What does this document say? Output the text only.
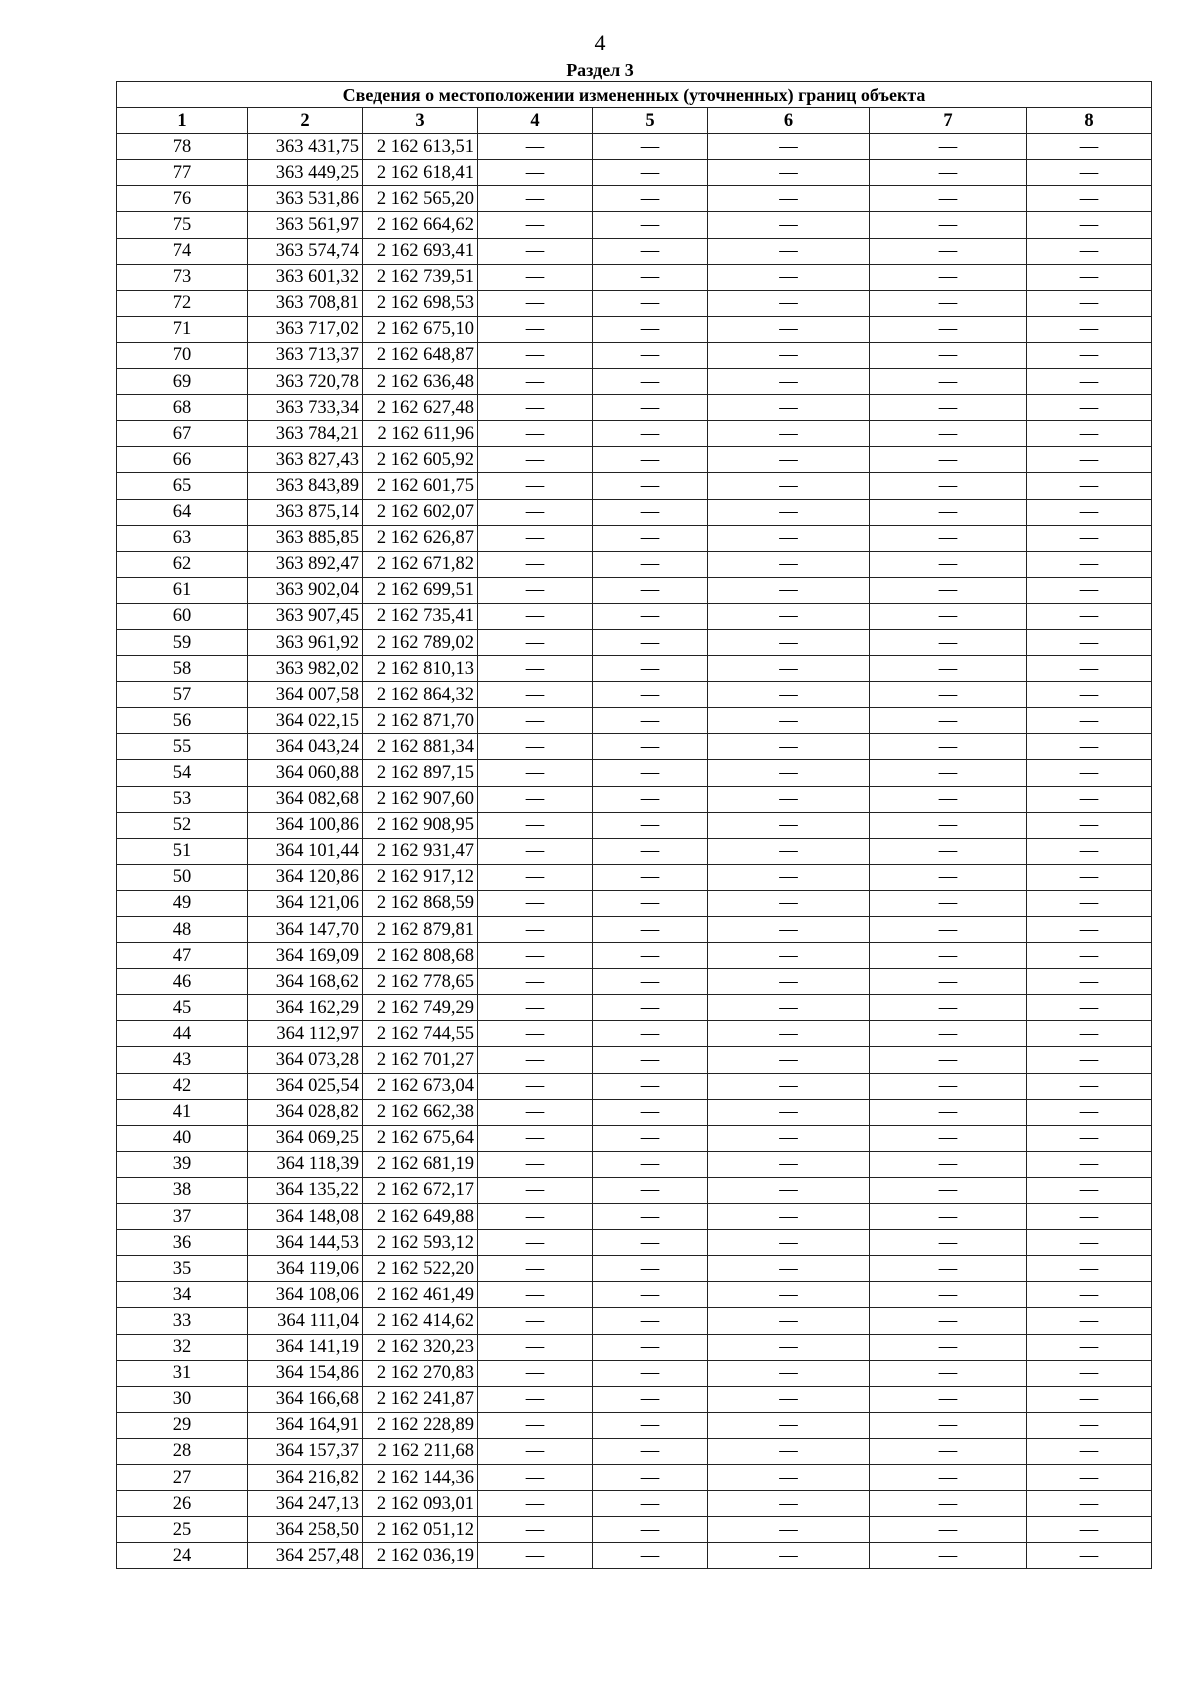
4
Раздел 3
Сведения о местоположении измененных (уточненных) границ объекта							
1	2	3	4	5	6	7	8
78	363 431,75	2 162 613,51	—	—	—	—	—
77	363 449,25	2 162 618,41	—	—	—	—	—
76	363 531,86	2 162 565,20	—	—	—	—	—
75	363 561,97	2 162 664,62	—	—	—	—	—
74	363 574,74	2 162 693,41	—	—	—	—	—
73	363 601,32	2 162 739,51	—	—	—	—	—
72	363 708,81	2 162 698,53	—	—	—	—	—
71	363 717,02	2 162 675,10	—	—	—	—	—
70	363 713,37	2 162 648,87	—	—	—	—	—
69	363 720,78	2 162 636,48	—	—	—	—	—
68	363 733,34	2 162 627,48	—	—	—	—	—
67	363 784,21	2 162 611,96	—	—	—	—	—
66	363 827,43	2 162 605,92	—	—	—	—	—
65	363 843,89	2 162 601,75	—	—	—	—	—
64	363 875,14	2 162 602,07	—	—	—	—	—
63	363 885,85	2 162 626,87	—	—	—	—	—
62	363 892,47	2 162 671,82	—	—	—	—	—
61	363 902,04	2 162 699,51	—	—	—	—	—
60	363 907,45	2 162 735,41	—	—	—	—	—
59	363 961,92	2 162 789,02	—	—	—	—	—
58	363 982,02	2 162 810,13	—	—	—	—	—
57	364 007,58	2 162 864,32	—	—	—	—	—
56	364 022,15	2 162 871,70	—	—	—	—	—
55	364 043,24	2 162 881,34	—	—	—	—	—
54	364 060,88	2 162 897,15	—	—	—	—	—
53	364 082,68	2 162 907,60	—	—	—	—	—
52	364 100,86	2 162 908,95	—	—	—	—	—
51	364 101,44	2 162 931,47	—	—	—	—	—
50	364 120,86	2 162 917,12	—	—	—	—	—
49	364 121,06	2 162 868,59	—	—	—	—	—
48	364 147,70	2 162 879,81	—	—	—	—	—
47	364 169,09	2 162 808,68	—	—	—	—	—
46	364 168,62	2 162 778,65	—	—	—	—	—
45	364 162,29	2 162 749,29	—	—	—	—	—
44	364 112,97	2 162 744,55	—	—	—	—	—
43	364 073,28	2 162 701,27	—	—	—	—	—
42	364 025,54	2 162 673,04	—	—	—	—	—
41	364 028,82	2 162 662,38	—	—	—	—	—
40	364 069,25	2 162 675,64	—	—	—	—	—
39	364 118,39	2 162 681,19	—	—	—	—	—
38	364 135,22	2 162 672,17	—	—	—	—	—
37	364 148,08	2 162 649,88	—	—	—	—	—
36	364 144,53	2 162 593,12	—	—	—	—	—
35	364 119,06	2 162 522,20	—	—	—	—	—
34	364 108,06	2 162 461,49	—	—	—	—	—
33	364 111,04	2 162 414,62	—	—	—	—	—
32	364 141,19	2 162 320,23	—	—	—	—	—
31	364 154,86	2 162 270,83	—	—	—	—	—
30	364 166,68	2 162 241,87	—	—	—	—	—
29	364 164,91	2 162 228,89	—	—	—	—	—
28	364 157,37	2 162 211,68	—	—	—	—	—
27	364 216,82	2 162 144,36	—	—	—	—	—
26	364 247,13	2 162 093,01	—	—	—	—	—
25	364 258,50	2 162 051,12	—	—	—	—	—
24	364 257,48	2 162 036,19	—	—	—	—	—
